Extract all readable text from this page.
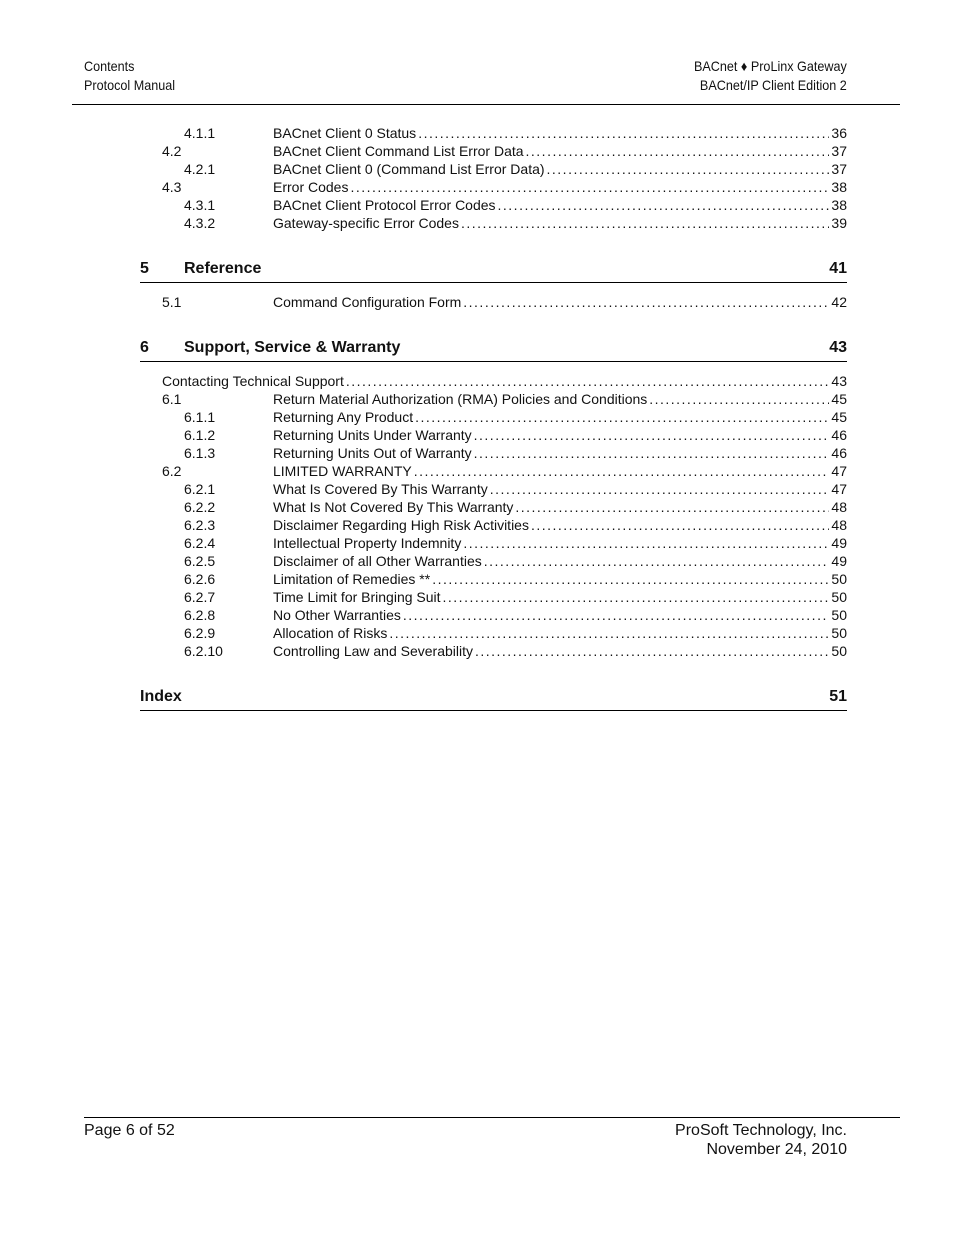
Contents
Protocol Manual
BACnet ♦ ProLinx Gateway
BACnet/IP Client Edition 2
4.1.1	BACnet Client 0 Status . . .	36
4.2	BACnet Client Command List Error Data . . .	37
4.2.1	BACnet Client 0 (Command List Error Data) . . .	37
4.3	Error Codes . . .	38
4.3.1	BACnet Client Protocol Error Codes . . .	38
4.3.2	Gateway-specific Error Codes . . .	39
5 Reference	41
5.1	Command Configuration Form . . .	42
6 Support, Service & Warranty	43
Contacting Technical Support . . .	43
6.1	Return Material Authorization (RMA) Policies and Conditions . . .	45
6.1.1	Returning Any Product . . .	45
6.1.2	Returning Units Under Warranty . . .	46
6.1.3	Returning Units Out of Warranty . . .	46
6.2	LIMITED WARRANTY . . .	47
6.2.1	What Is Covered By This Warranty . . .	47
6.2.2	What Is Not Covered By This Warranty . . .	48
6.2.3	Disclaimer Regarding High Risk Activities . . .	48
6.2.4	Intellectual Property Indemnity . . .	49
6.2.5	Disclaimer of all Other Warranties . . .	49
6.2.6	Limitation of Remedies ** . . .	50
6.2.7	Time Limit for Bringing Suit . . .	50
6.2.8	No Other Warranties . . .	50
6.2.9	Allocation of Risks . . .	50
6.2.10	Controlling Law and Severability . . .	50
Index	51
Page 6 of 52	ProSoft Technology, Inc.
November 24, 2010
